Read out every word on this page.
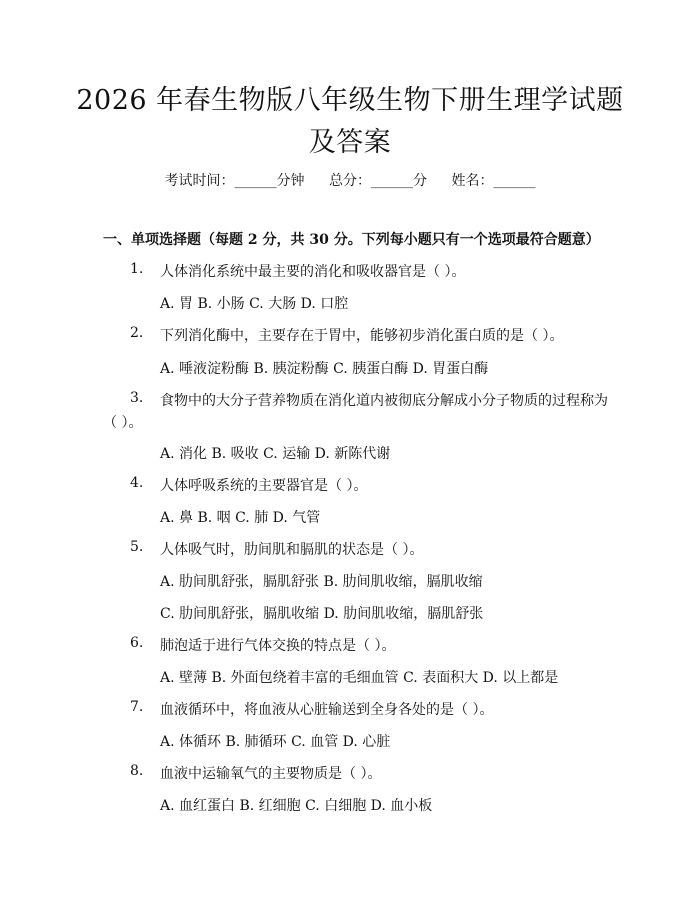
2026 年春生物版八年级生物下册生理学试题
及答案
考试时间：______分钟 总分：______分 姓名：______
一、单项选择题（每题 2 分，共 30 分。下列每小题只有一个选项最符合题意）
1. 人体消化系统中最主要的消化和吸收器官是（ ）。
A. 胃 B. 小肠 C. 大肠 D. 口腔
2. 下列消化酶中，主要存在于胃中，能够初步消化蛋白质的是（ ）。
A. 唾液淀粉酶 B. 胰淀粉酶 C. 胰蛋白酶 D. 胃蛋白酶
3. 食物中的大分子营养物质在消化道内被彻底分解成小分子物质的过程称为
（ ）。
A. 消化 B. 吸收 C. 运输 D. 新陈代谢
4. 人体呼吸系统的主要器官是（ ）。
A. 鼻 B. 咽 C. 肺 D. 气管
5. 人体吸气时，肋间肌和膈肌的状态是（ ）。
A. 肋间肌舒张，膈肌舒张 B. 肋间肌收缩，膈肌收缩
C. 肋间肌舒张，膈肌收缩 D. 肋间肌收缩，膈肌舒张
6. 肺泡适于进行气体交换的特点是（ ）。
A. 壁薄 B. 外面包绕着丰富的毛细血管 C. 表面积大 D. 以上都是
7. 血液循环中，将血液从心脏输送到全身各处的是（ ）。
A. 体循环 B. 肺循环 C. 血管 D. 心脏
8. 血液中运输氧气的主要物质是（ ）。
A. 血红蛋白 B. 红细胞 C. 白细胞 D. 血小板
